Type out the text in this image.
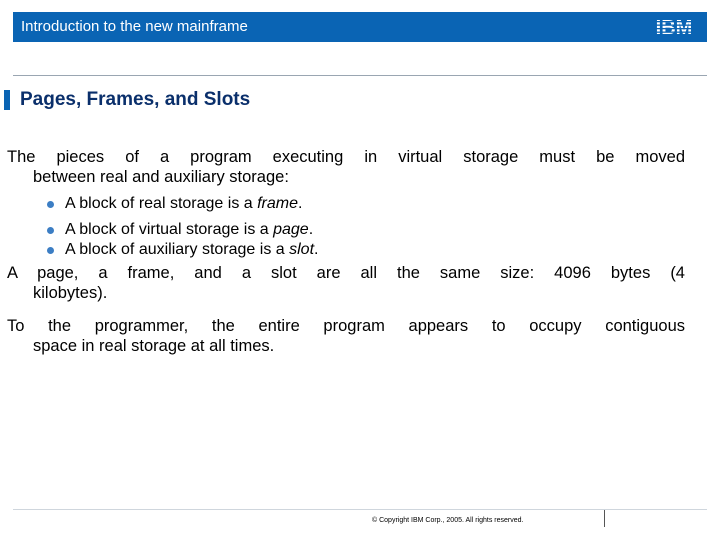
Introduction to the new mainframe
Pages, Frames, and Slots
The pieces of a program executing in virtual storage must be moved
between real and auxiliary storage:
A block of real storage is a frame.
A block of virtual storage is a page.
A block of auxiliary storage is a slot.
A page, a frame, and a slot are all the same size: 4096 bytes (4
kilobytes).
To the programmer, the entire program appears to occupy contiguous
space in real storage at all times.
© Copyright IBM Corp., 2005. All rights reserved.
